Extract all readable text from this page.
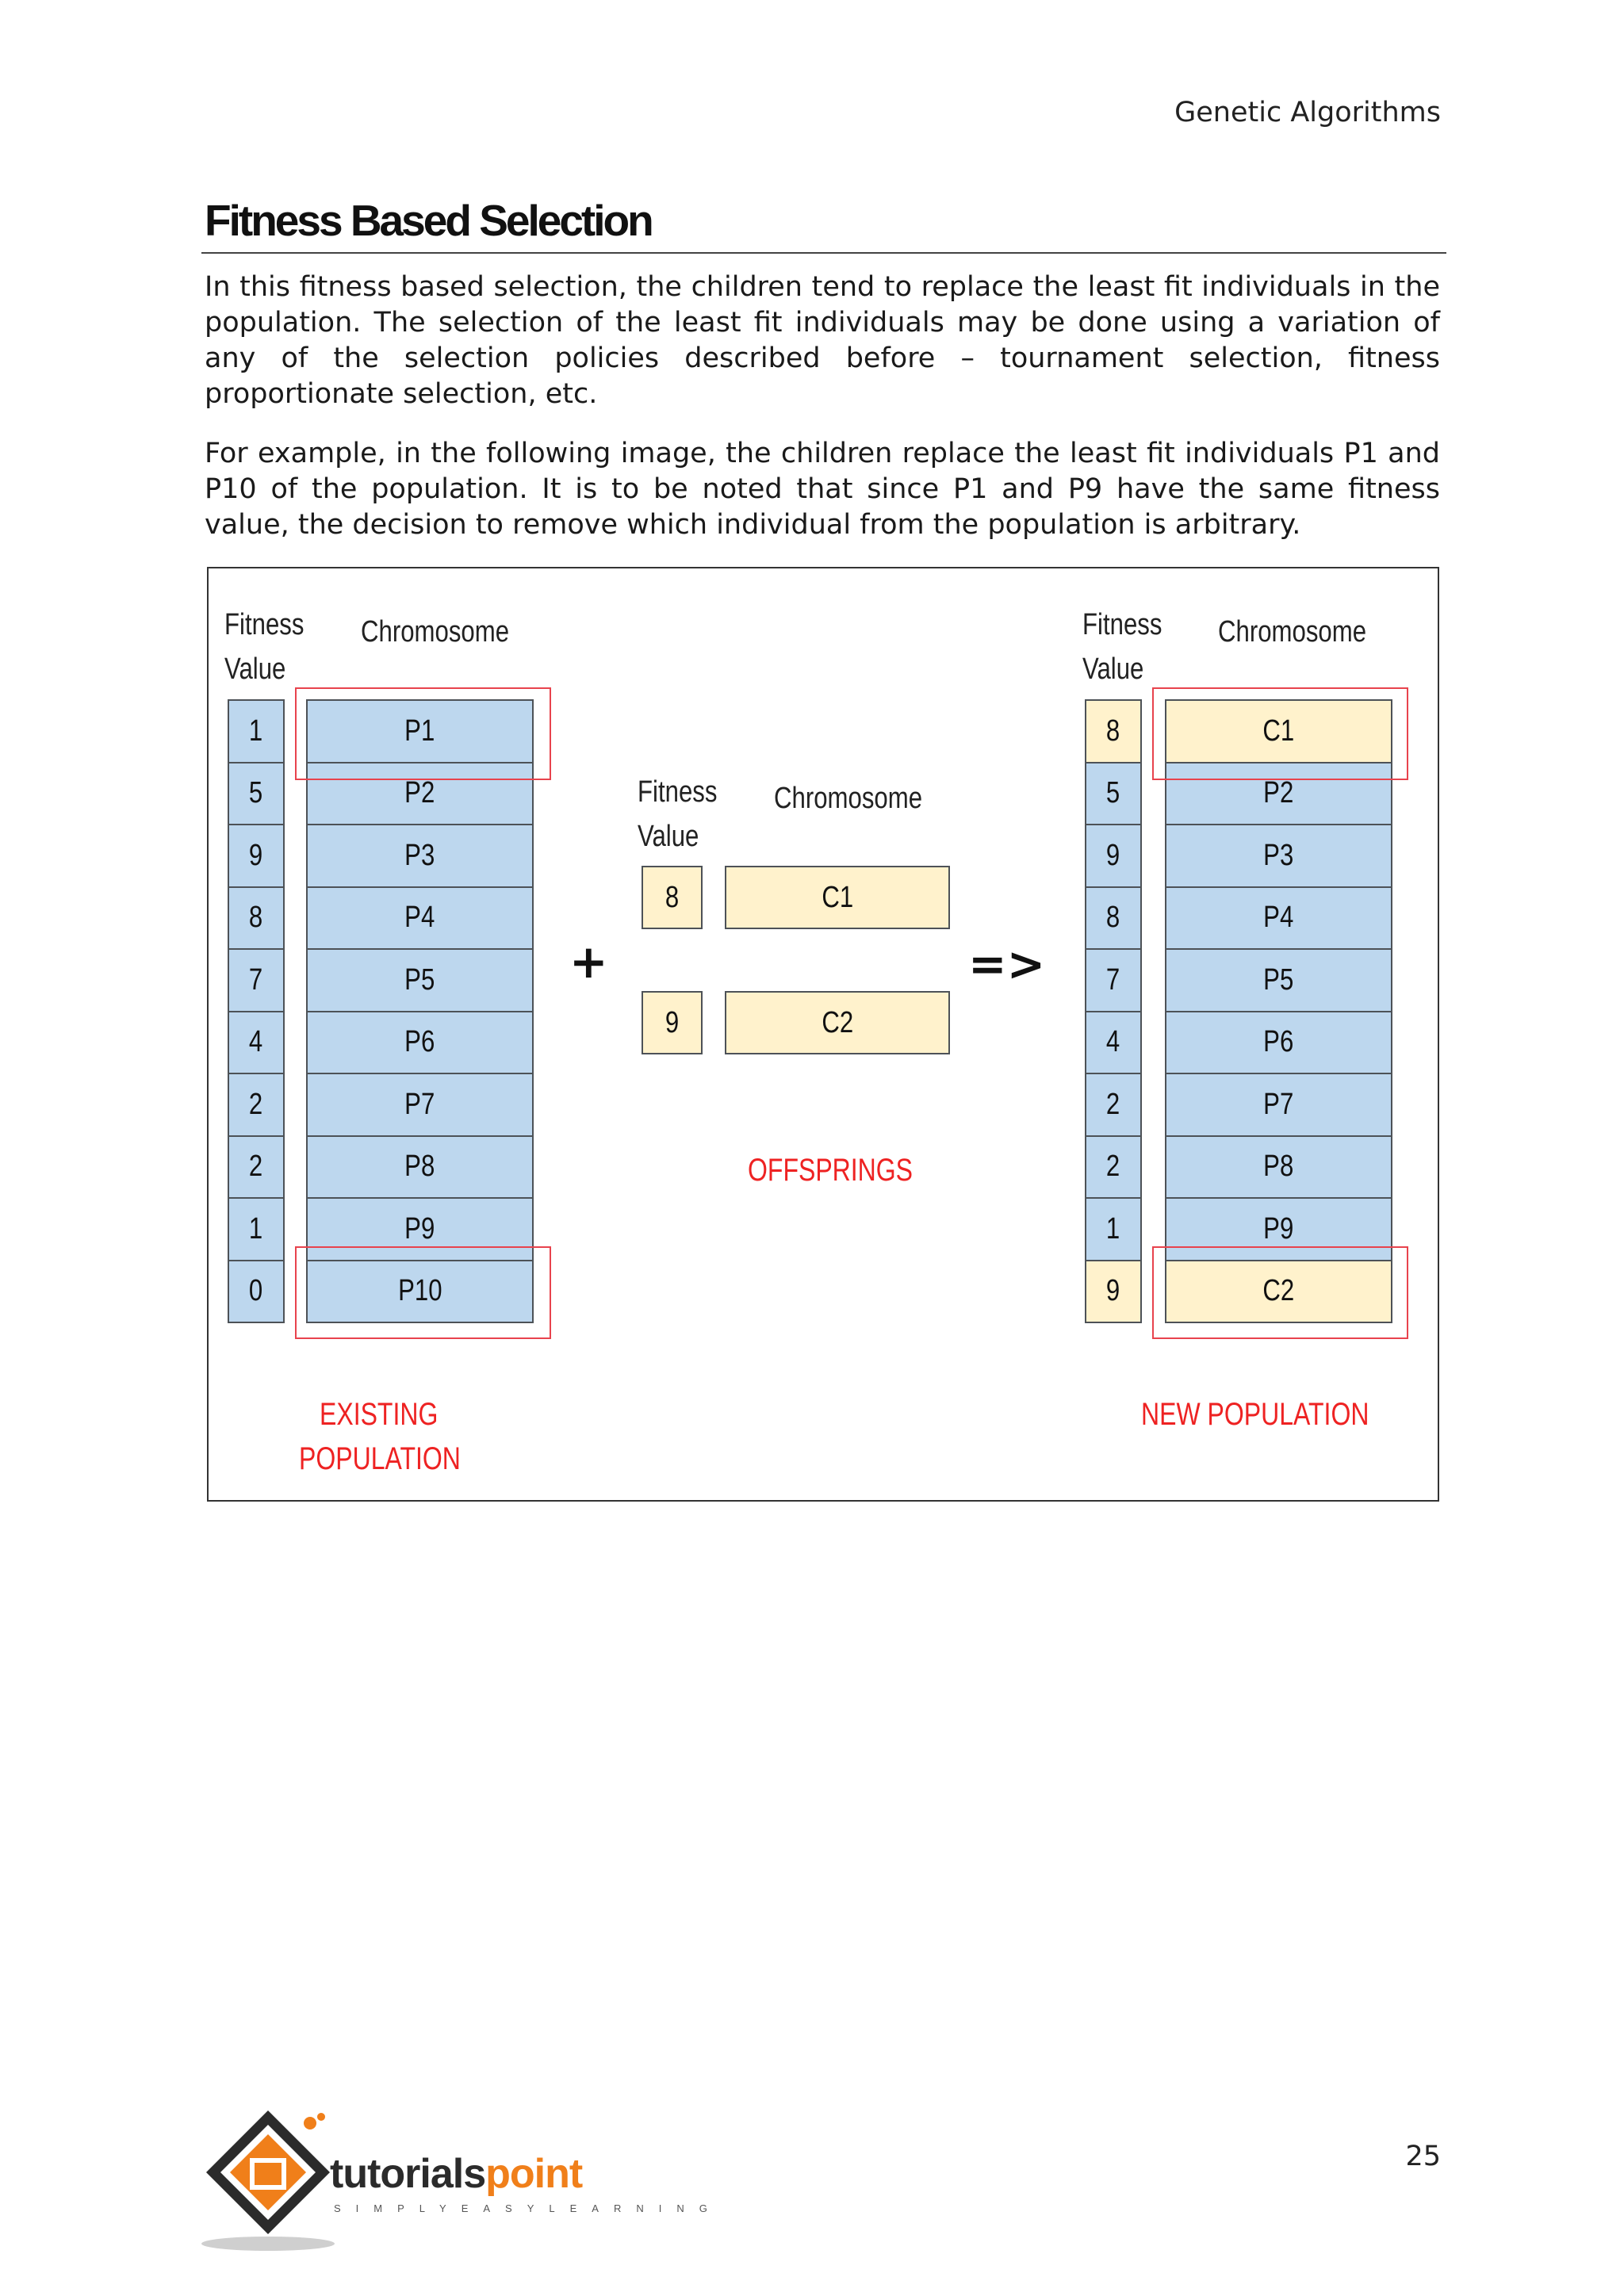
Genetic Algorithms
Fitness Based Selection
In this fitness based selection, the children tend to replace the least fit individuals in the population. The selection of the least fit individuals may be done using a variation of any of the selection policies described before – tournament selection, fitness proportionate selection, etc.
For example, in the following image, the children replace the least fit individuals P1 and P10 of the population. It is to be noted that since P1 and P9 have the same fitness value, the decision to remove which individual from the population is arbitrary.
Fitness
Value
Chromosome
1
5
9
8
7
4
2
2
1
0
P1
P2
P3
P4
P5
P6
P7
P8
P9
P10
EXISTING
POPULATION
+
Fitness
Value
Chromosome
8
9
C1
C2
OFFSPRINGS
=>
Fitness
Value
Chromosome
8
5
9
8
7
4
2
2
1
9
C1
P2
P3
P4
P5
P6
P7
P8
P9
C2
NEW POPULATION
25
tutorialspoint
SIMPLYEASYLEARNING
